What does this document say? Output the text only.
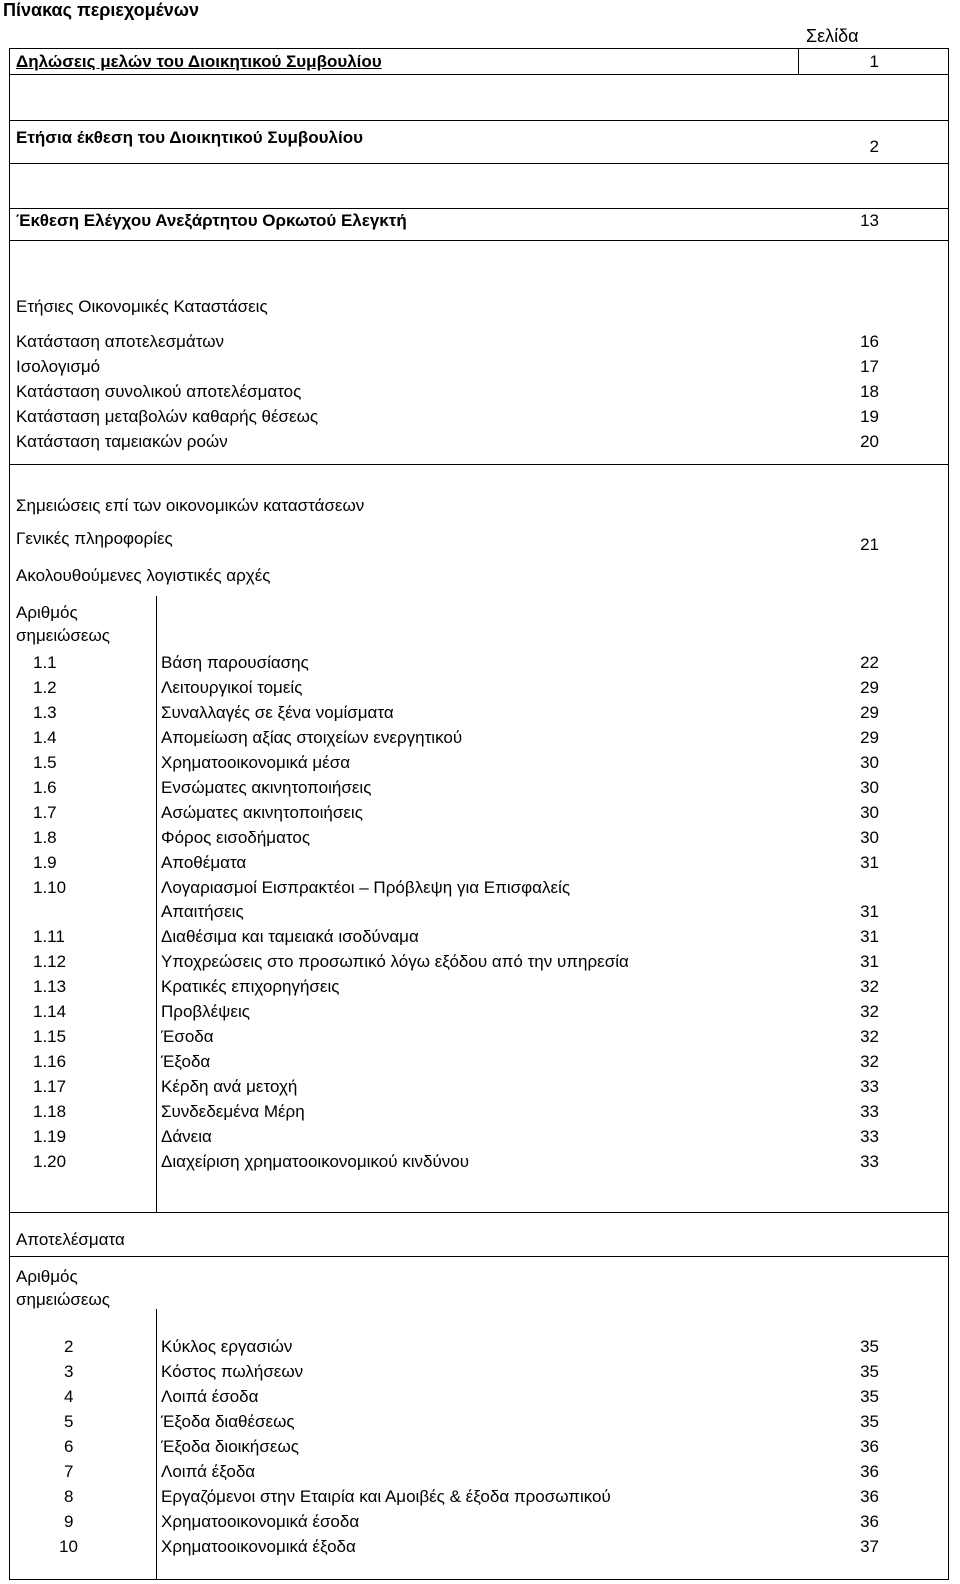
Πίνακας περιεχομένων
Σελίδα
Δηλώσεις μελών του Διοικητικού Συμβουλίου	1
Ετήσια έκθεση του Διοικητικού Συμβουλίου	2
Έκθεση Ελέγχου Ανεξάρτητου Ορκωτού Ελεγκτή	13
Ετήσιες Οικονομικές Καταστάσεις
Κατάσταση αποτελεσμάτων	16
Ισολογισμό	17
Κατάσταση συνολικού αποτελέσματος	18
Κατάσταση μεταβολών καθαρής θέσεως	19
Κατάσταση ταμειακών ροών	20
Σημειώσεις επί των οικονομικών καταστάσεων
Γενικές πληροφορίες	21
Ακολουθούμενες λογιστικές αρχές
Αριθμός
σημειώσεως
1.1	Βάση παρουσίασης	22
1.2	Λειτουργικοί τομείς	29
1.3	Συναλλαγές σε ξένα νομίσματα	29
1.4	Απομείωση αξίας στοιχείων ενεργητικού	29
1.5	Χρηματοοικονομικά μέσα	30
1.6	Ενσώματες ακινητοποιήσεις	30
1.7	Ασώματες ακινητοποιήσεις	30
1.8	Φόρος εισοδήματος	30
1.9	Αποθέματα	31
1.10	Λογαριασμοί Εισπρακτέοι – Πρόβλεψη για Επισφαλείς
Απαιτήσεις	31
1.11	Διαθέσιμα και ταμειακά ισοδύναμα	31
1.12	Υποχρεώσεις στο προσωπικό λόγω εξόδου από την υπηρεσία	31
1.13	Κρατικές επιχορηγήσεις	32
1.14	Προβλέψεις	32
1.15	Έσοδα	32
1.16	Έξοδα	32
1.17	Κέρδη ανά μετοχή	33
1.18	Συνδεδεμένα Μέρη	33
1.19	Δάνεια	33
1.20	Διαχείριση χρηματοοικονομικού κινδύνου	33
Αποτελέσματα
Αριθμός
σημειώσεως
2	Κύκλος εργασιών	35
3	Κόστος πωλήσεων	35
4	Λοιπά έσοδα	35
5	Έξοδα διαθέσεως	35
6	Έξοδα διοικήσεως	36
7	Λοιπά έξοδα	36
8	Εργαζόμενοι στην Εταιρία και Αμοιβές & έξοδα προσωπικού	36
9	Χρηματοοικονομικά έσοδα	36
10	Χρηματοοικονομικά έξοδα	37
